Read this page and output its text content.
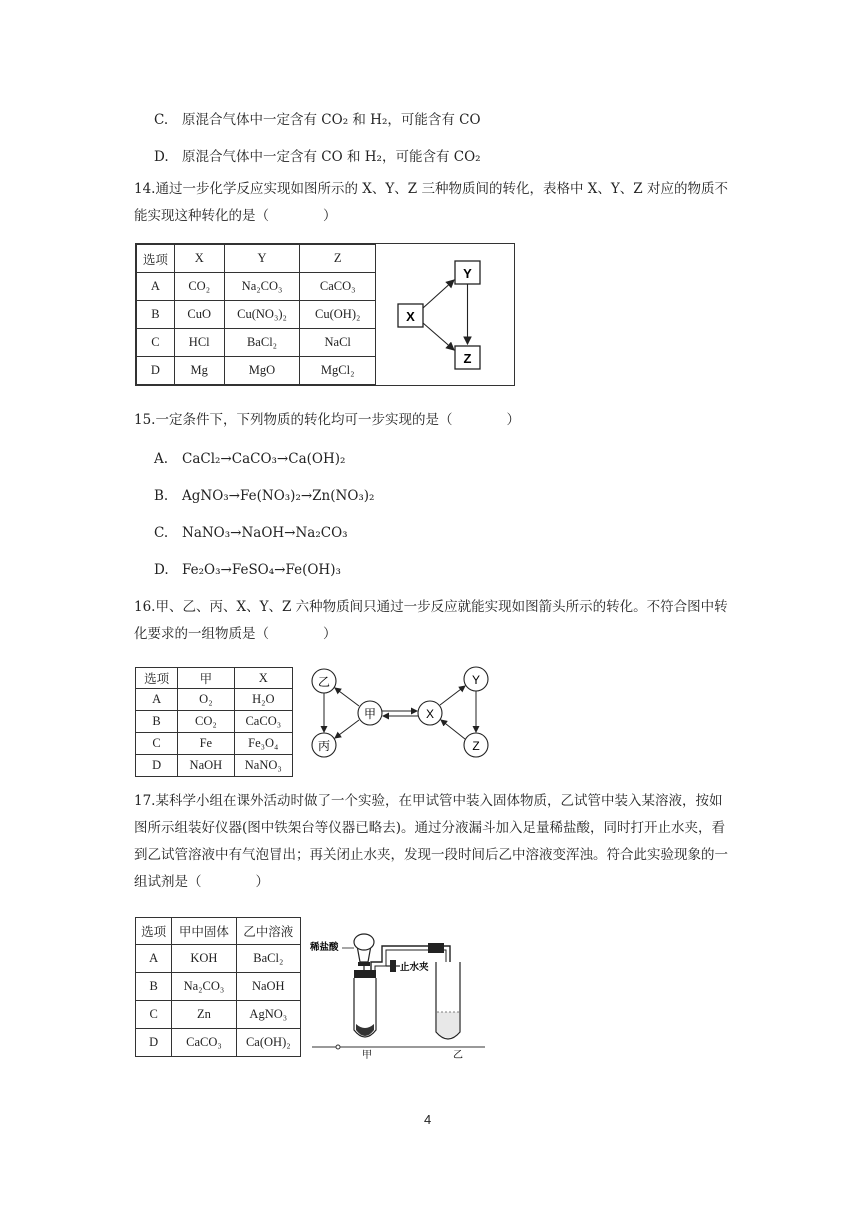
C. 原混合气体中一定含有 CO₂ 和 H₂，可能含有 CO
D. 原混合气体中一定含有 CO 和 H₂，可能含有 CO₂
14.通过一步化学反应实现如图所示的 X、Y、Z 三种物质间的转化，表格中 X、Y、Z 对应的物质不能实现这种转化的是（　　　　）
选项	X	Y	Z
A	CO₂	Na₂CO₃	CaCO₃
B	CuO	Cu(NO₃)₂	Cu(OH)₂
C	HCl	BaCl₂	NaCl
D	Mg	MgO	MgCl₂
Y
X
Z
15.一定条件下，下列物质的转化均可一步实现的是（　　　　）
A. CaCl₂→CaCO₃→Ca(OH)₂
B. AgNO₃→Fe(NO₃)₂→Zn(NO₃)₂
C. NaNO₃→NaOH→Na₂CO₃
D. Fe₂O₃→FeSO₄→Fe(OH)₃
16.甲、乙、丙、X、Y、Z 六种物质间只通过一步反应就能实现如图箭头所示的转化。不符合图中转化要求的一组物质是（　　　　）
选项	甲	X
A	O₂	H₂O
B	CO₂	CaCO₃
C	Fe	Fe₃O₄
D	NaOH	NaNO₃
乙
甲
丙
X
Y
Z
17.某科学小组在课外活动时做了一个实验，在甲试管中装入固体物质，乙试管中装入某溶液，按如图所示组装好仪器(图中铁架台等仪器已略去)。通过分液漏斗加入足量稀盐酸，同时打开止水夹，看到乙试管溶液中有气泡冒出；再关闭止水夹，发现一段时间后乙中溶液变浑浊。符合此实验现象的一组试剂是（　　　　）
选项	甲中固体	乙中溶液
A	KOH	BaCl₂
B	Na₂CO₃	NaOH
C	Zn	AgNO₃
D	CaCO₃	Ca(OH)₂
稀盐酸
甲
止水夹
乙
4
